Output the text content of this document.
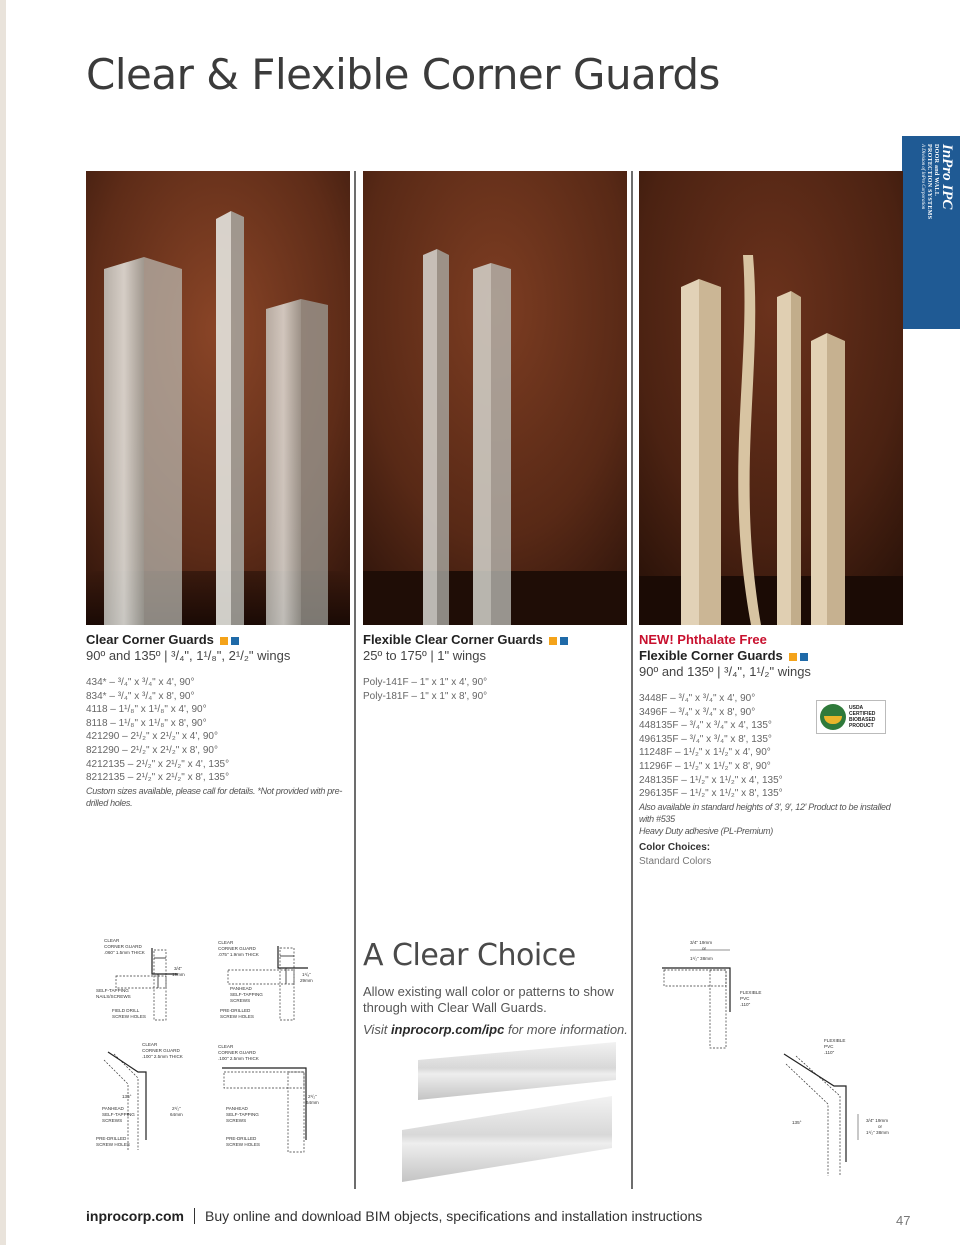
Clear & Flexible Corner Guards
InPro IPC
DOOR and WALL
PROTECTION SYSTEMS
A Division of InPro Corporation
Clear Corner Guards
90º and 135º | ³/₄", 1¹/₈", 2¹/₂" wings
434* – ³/₄" x ³/₄" x 4', 90°
834* – ³/₄" x ³/₄" x 8', 90°
4118 – 1¹/₈" x 1¹/₈" x 4', 90°
8118 – 1¹/₈" x 1¹/₈" x 8', 90°
421290 – 2¹/₂" x 2¹/₂" x 4', 90°
821290 – 2¹/₂" x 2¹/₂" x 8', 90°
4212135 – 2¹/₂" x 2¹/₂" x 4', 135°
8212135 – 2¹/₂" x 2¹/₂" x 8', 135°
Custom sizes available, please call for details. *Not provided with pre-drilled holes.
Flexible Clear Corner Guards
25º to 175º | 1" wings
Poly-141F – 1" x 1" x 4', 90°
Poly-181F – 1" x 1" x 8', 90°
NEW! Phthalate Free
Flexible Corner Guards
90º and 135º | ³/₄", 1¹/₂" wings
3448F – ³/₄" x ³/₄" x 4', 90°
3496F – ³/₄" x ³/₄" x 8', 90°
448135F – ³/₄" x ³/₄" x 4', 135°
496135F – ³/₄" x ³/₄" x 8', 135°
11248F – 1¹/₂" x 1¹/₂" x 4', 90°
11296F – 1¹/₂" x 1¹/₂" x 8', 90°
248135F – 1¹/₂" x 1¹/₂" x 4', 135°
296135F – 1¹/₂" x 1¹/₂" x 8', 135°
Also available in standard heights of 3', 9', 12' Product to be installed with #535
Heavy Duty adhesive (PL-Premium)
USDA
CERTIFIED
BIOBASED
PRODUCT
Color Choices:
Standard Colors
A Clear Choice

Allow existing wall color or patterns to show through with Clear Wall Guards.

Visit inprocorp.com/ipc for more information.
CLEAR
CORNER GUARD
.060" 1.5mm THICK
3/4"
19mm
SELF-TAPPING
NAILS/SCREWS
FIELD DRILL
SCREW HOLES
CLEAR
CORNER GUARD
.075" 1.9mm THICK
1¹/₈"
29mm
PANHEAD
SELF-TAPPING
SCREWS
PRE-DRILLED
SCREW HOLES
CLEAR
CORNER GUARD
.100" 2.5mm THICK
135°
2¹/₂"
64mm
PANHEAD
SELF-TAPPING
SCREWS
PRE-DRILLED
SCREW HOLES
CLEAR
CORNER GUARD
.100" 2.5mm THICK
2¹/₂"
64mm
PANHEAD
SELF-TAPPING
SCREWS
PRE-DRILLED
SCREW HOLES
3/4" 19mm
or
1¹/₂" 38mm
FLEXIBLE
PVC
.110"
FLEXIBLE
PVC
.110"
135°	3/4" 19mm
or
1¹/₂" 38mm
inprocorp.com Buy online and download BIM objects, specifications and installation instructions	47
